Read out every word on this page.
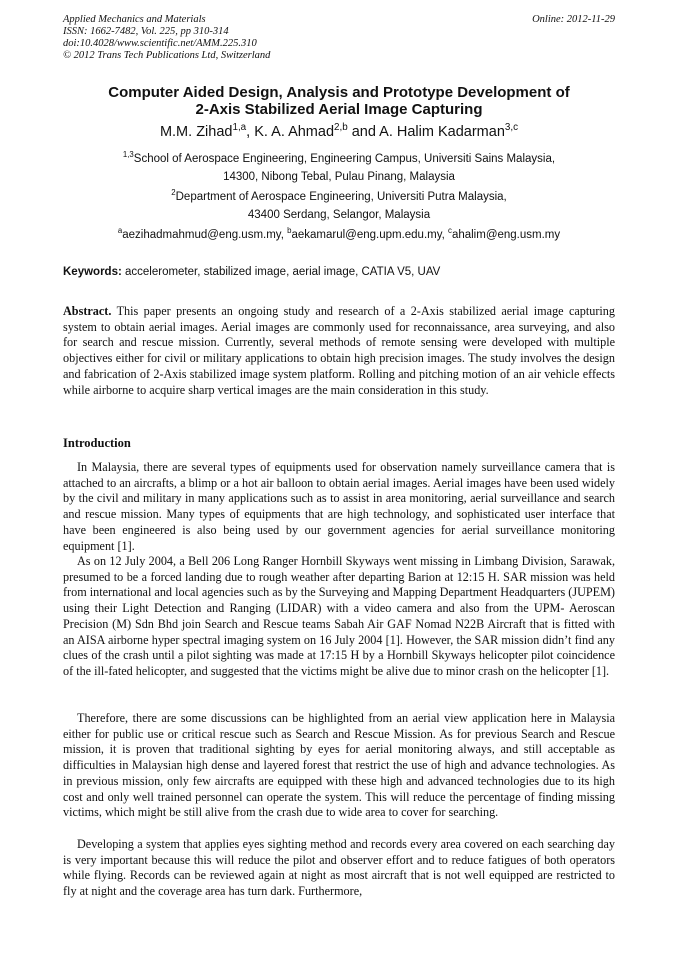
Applied Mechanics and Materials
ISSN: 1662-7482, Vol. 225, pp 310-314
doi:10.4028/www.scientific.net/AMM.225.310
© 2012 Trans Tech Publications Ltd, Switzerland
Online: 2012-11-29
Computer Aided Design, Analysis and Prototype Development of
2-Axis Stabilized Aerial Image Capturing
M.M. Zihad$^{1,a}$, K. A. Ahmad$^{2,b}$ and A. Halim Kadarman$^{3,c}$
$^{1,3}$School of Aerospace Engineering, Engineering Campus, Universiti Sains Malaysia,
14300, Nibong Tebal, Pulau Pinang, Malaysia
$^2$Department of Aerospace Engineering, Universiti Putra Malaysia,
43400 Serdang, Selangor, Malaysia
$^a$aezihadmahmud@eng.usm.my, $^b$aekamarul@eng.upm.edu.my, $^c$ahalim@eng.usm.my
Keywords: accelerometer, stabilized image, aerial image, CATIA V5, UAV
Abstract. This paper presents an ongoing study and research of a 2-Axis stabilized aerial image capturing system to obtain aerial images. Aerial images are commonly used for reconnaissance, area surveying, and also for search and rescue mission. Currently, several methods of remote sensing were developed with multiple objectives either for civil or military applications to obtain high precision images. The study involves the design and fabrication of 2-Axis stabilized image system platform. Rolling and pitching motion of an air vehicle effects while airborne to acquire sharp vertical images are the main consideration in this study.
Introduction
In Malaysia, there are several types of equipments used for observation namely surveillance camera that is attached to an aircrafts, a blimp or a hot air balloon to obtain aerial images. Aerial images have been used widely by the civil and military in many applications such as to assist in area monitoring, aerial surveillance and search and rescue mission. Many types of equipments that are high technology, and sophisticated user interface that have been engineered is also being used by our government agencies for aerial surveillance monitoring equipment [1].
As on 12 July 2004, a Bell 206 Long Ranger Hornbill Skyways went missing in Limbang Division, Sarawak, presumed to be a forced landing due to rough weather after departing Barion at 12:15 H. SAR mission was held from international and local agencies such as by the Surveying and Mapping Department Headquarters (JUPEM) using their Light Detection and Ranging (LIDAR) with a video camera and also from the UPM- Aeroscan Precision (M) Sdn Bhd join Search and Rescue teams Sabah Air GAF Nomad N22B Aircraft that is fitted with an AISA airborne hyper spectral imaging system on 16 July 2004 [1]. However, the SAR mission didn’t find any clues of the crash until a pilot sighting was made at 17:15 H by a Hornbill Skyways helicopter pilot coincidence of the ill-fated helicopter, and suggested that the victims might be alive due to minor crash on the helicopter [1].
Therefore, there are some discussions can be highlighted from an aerial view application here in Malaysia either for public use or critical rescue such as Search and Rescue Mission. As for previous Search and Rescue mission, it is proven that traditional sighting by eyes for aerial monitoring always, and still acceptable as difficulties in Malaysian high dense and layered forest that restrict the use of high and advance technologies. As in previous mission, only few aircrafts are equipped with these high and advanced technologies due to its high cost and only well trained personnel can operate the system. This will reduce the percentage of finding missing victims, which might be still alive from the crash due to wide area to cover for searching.
Developing a system that applies eyes sighting method and records every area covered on each searching day is very important because this will reduce the pilot and observer effort and to reduce fatigues of both operators while flying. Records can be reviewed again at night as most aircraft that is not well equipped are restricted to fly at night and the coverage area has turn dark. Furthermore,
